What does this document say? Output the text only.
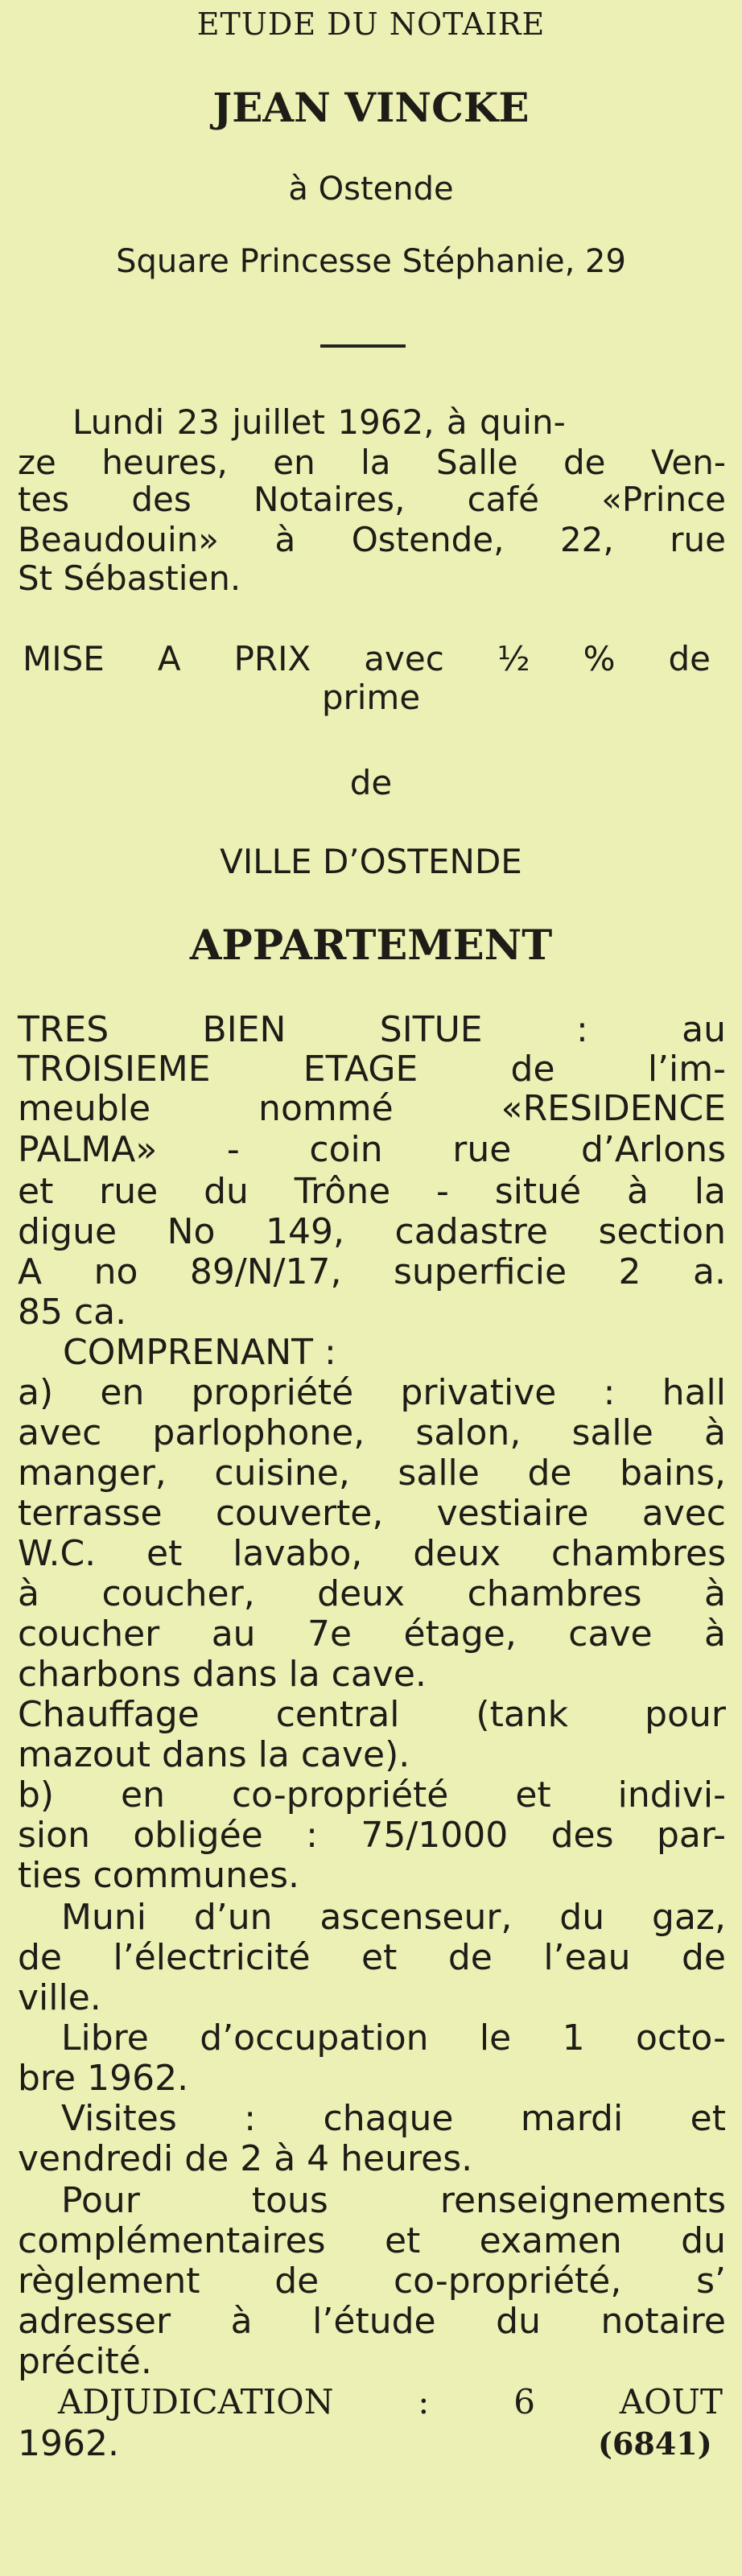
ETUDE DU NOTAIRE
JEAN VINCKE
à Ostende
Square Princesse Stéphanie, 29
Lundi 23 juillet 1962, à quin-
ze heures, en la Salle de Ven-
tes des Notaires, café «Prince
Beaudouin» à Ostende, 22, rue
St Sébastien.
MISE A PRIX avec ½ % de
prime
de
VILLE D’OSTENDE
APPARTEMENT
TRES BIEN SITUE : au
TROISIEME ETAGE de l’im-
meuble nommé «RESIDENCE
PALMA» - coin rue d’Arlons
et rue du Trône - situé à la
digue No 149, cadastre section
A no 89/N/17, superficie 2 a.
85 ca.
COMPRENANT :
a) en propriété privative : hall
avec parlophone, salon, salle à
manger, cuisine, salle de bains,
terrasse couverte, vestiaire avec
W.C. et lavabo, deux chambres
à coucher, deux chambres à
coucher au 7e étage, cave à
charbons dans la cave.
Chauffage central (tank pour
mazout dans la cave).
b) en co-propriété et indivi-
sion obligée : 75/1000 des par-
ties communes.
Muni d’un ascenseur, du gaz,
de l’électricité et de l’eau de
ville.
Libre d’occupation le 1 octo-
bre 1962.
Visites : chaque mardi et
vendredi de 2 à 4 heures.
Pour tous renseignements
complémentaires et examen du
règlement de co-propriété, s’
adresser à l’étude du notaire
précité.
ADJUDICATION : 6 AOUT
1962.	(6841)
